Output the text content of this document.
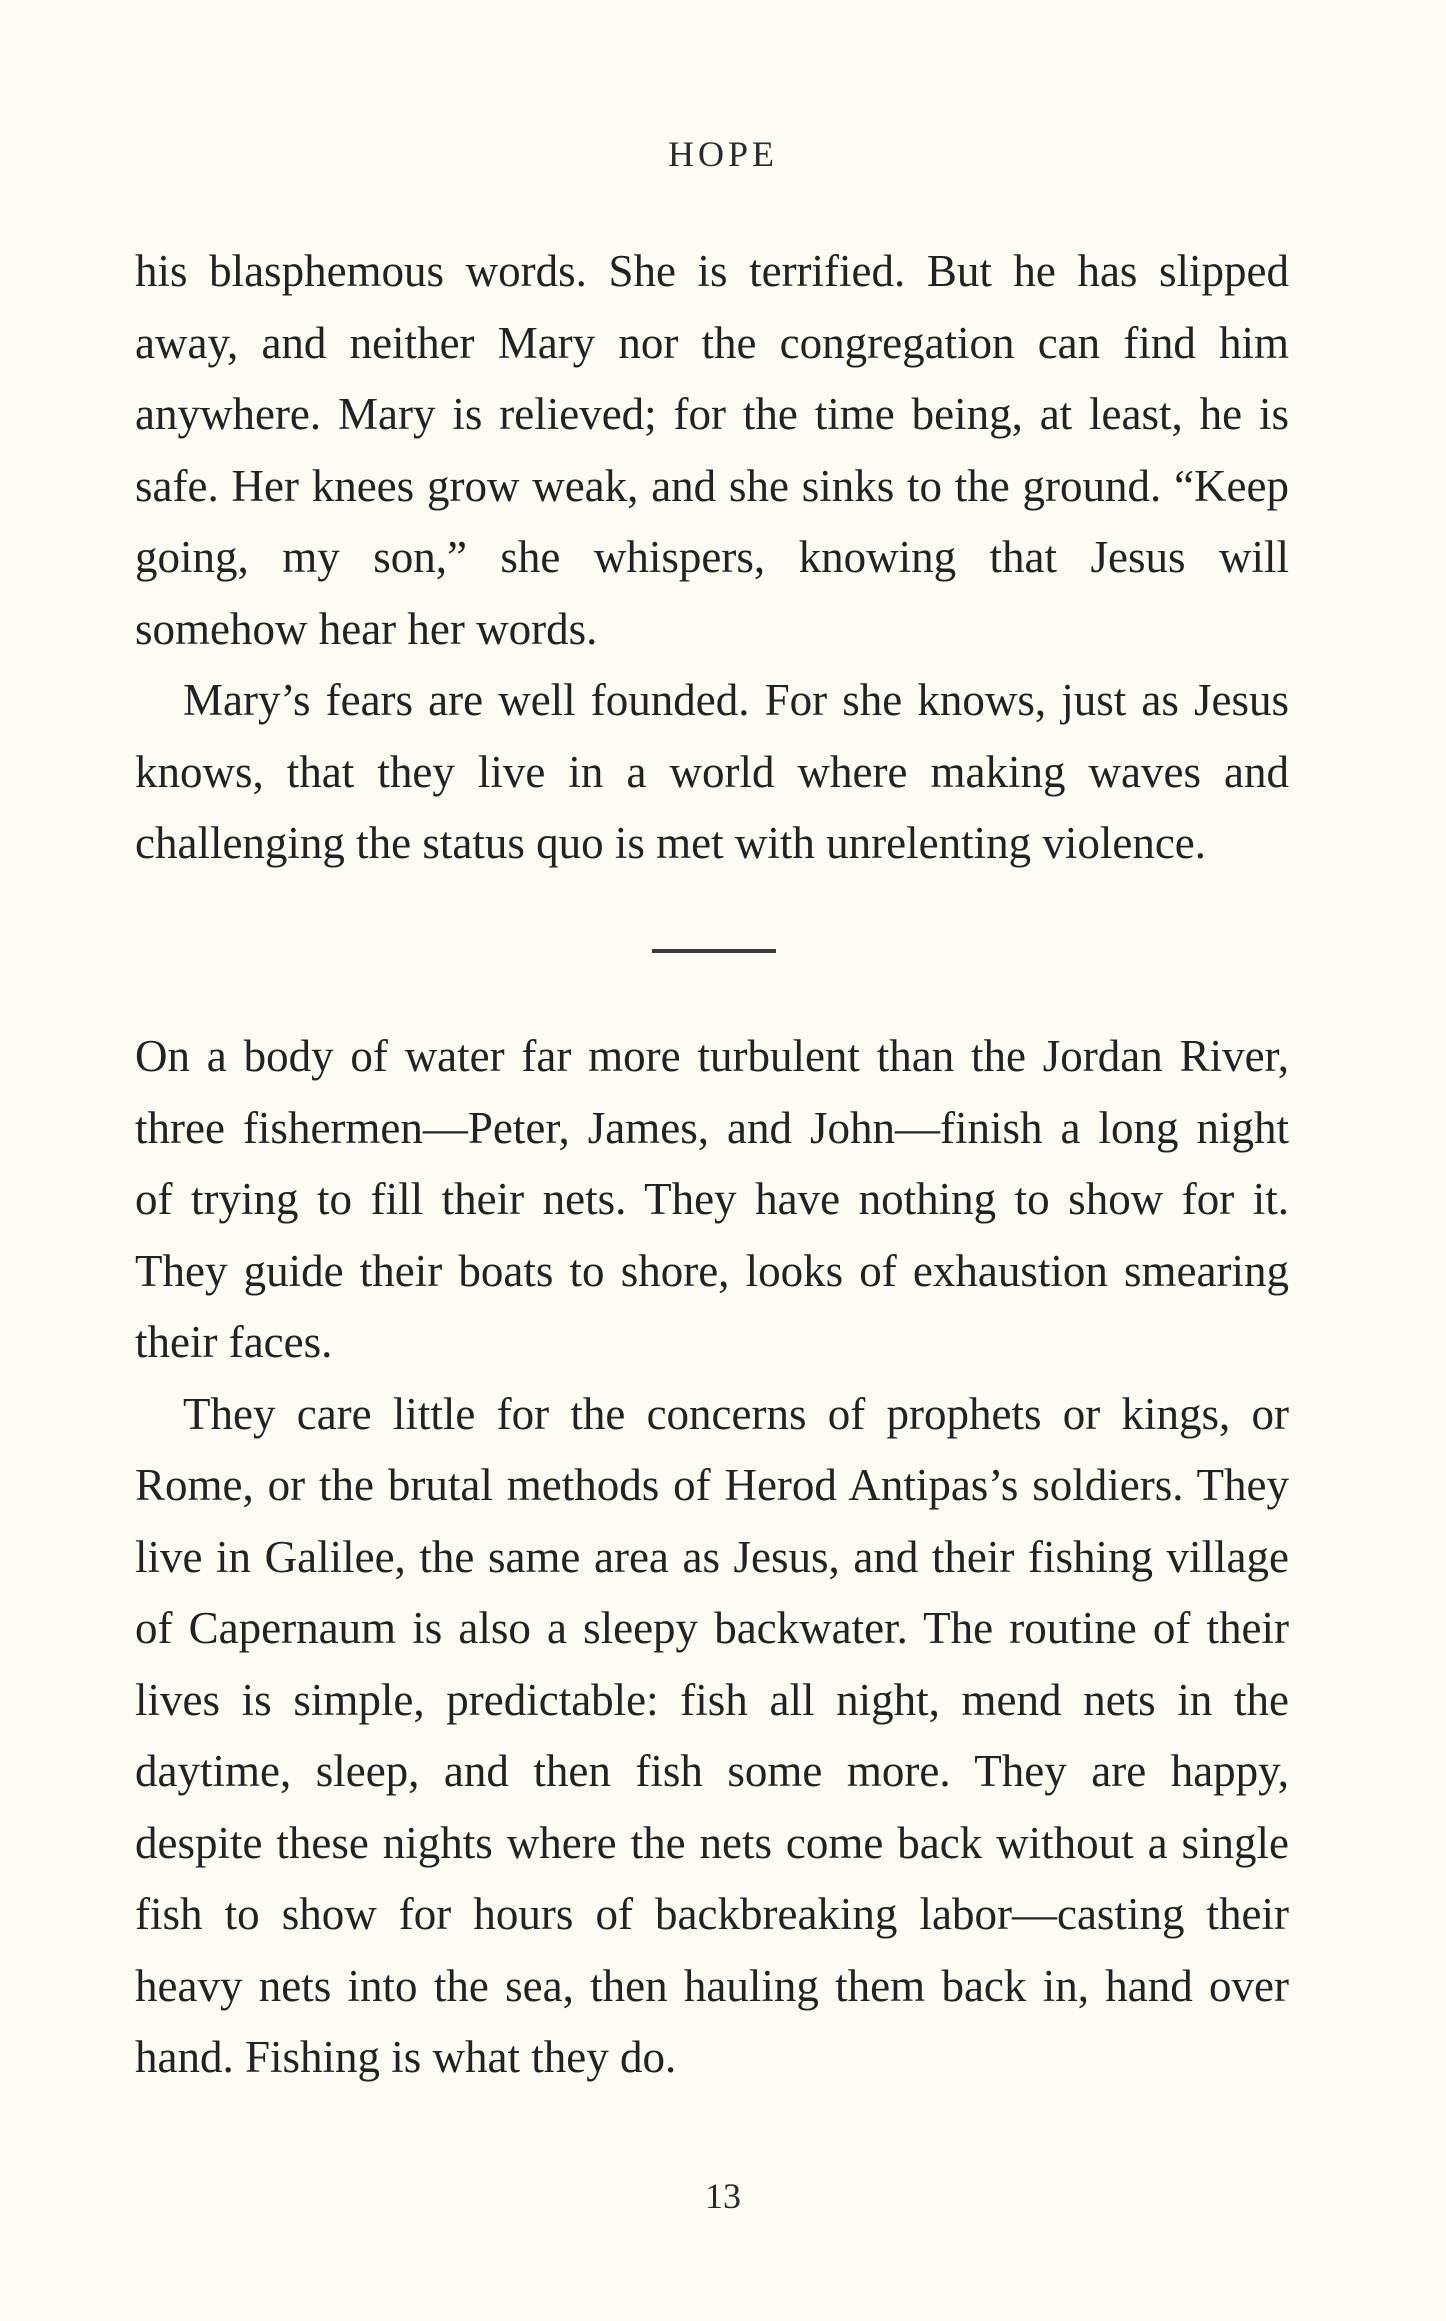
HOPE

his blasphemous words. She is terrified. But he has slipped away, and neither Mary nor the congregation can find him anywhere. Mary is relieved; for the time being, at least, he is safe. Her knees grow weak, and she sinks to the ground. “Keep going, my son,” she whispers, knowing that Jesus will somehow hear her words.

Mary’s fears are well founded. For she knows, just as Jesus knows, that they live in a world where making waves and challenging the status quo is met with unrelenting violence.

On a body of water far more turbulent than the Jordan River, three fishermen—Peter, James, and John—finish a long night of trying to fill their nets. They have nothing to show for it. They guide their boats to shore, looks of exhaustion smearing their faces.

They care little for the concerns of prophets or kings, or Rome, or the brutal methods of Herod Antipas’s soldiers. They live in Galilee, the same area as Jesus, and their fishing village of Capernaum is also a sleepy backwater. The routine of their lives is simple, predictable: fish all night, mend nets in the daytime, sleep, and then fish some more. They are happy, despite these nights where the nets come back without a single fish to show for hours of backbreaking labor—casting their heavy nets into the sea, then hauling them back in, hand over hand. Fishing is what they do.

13
